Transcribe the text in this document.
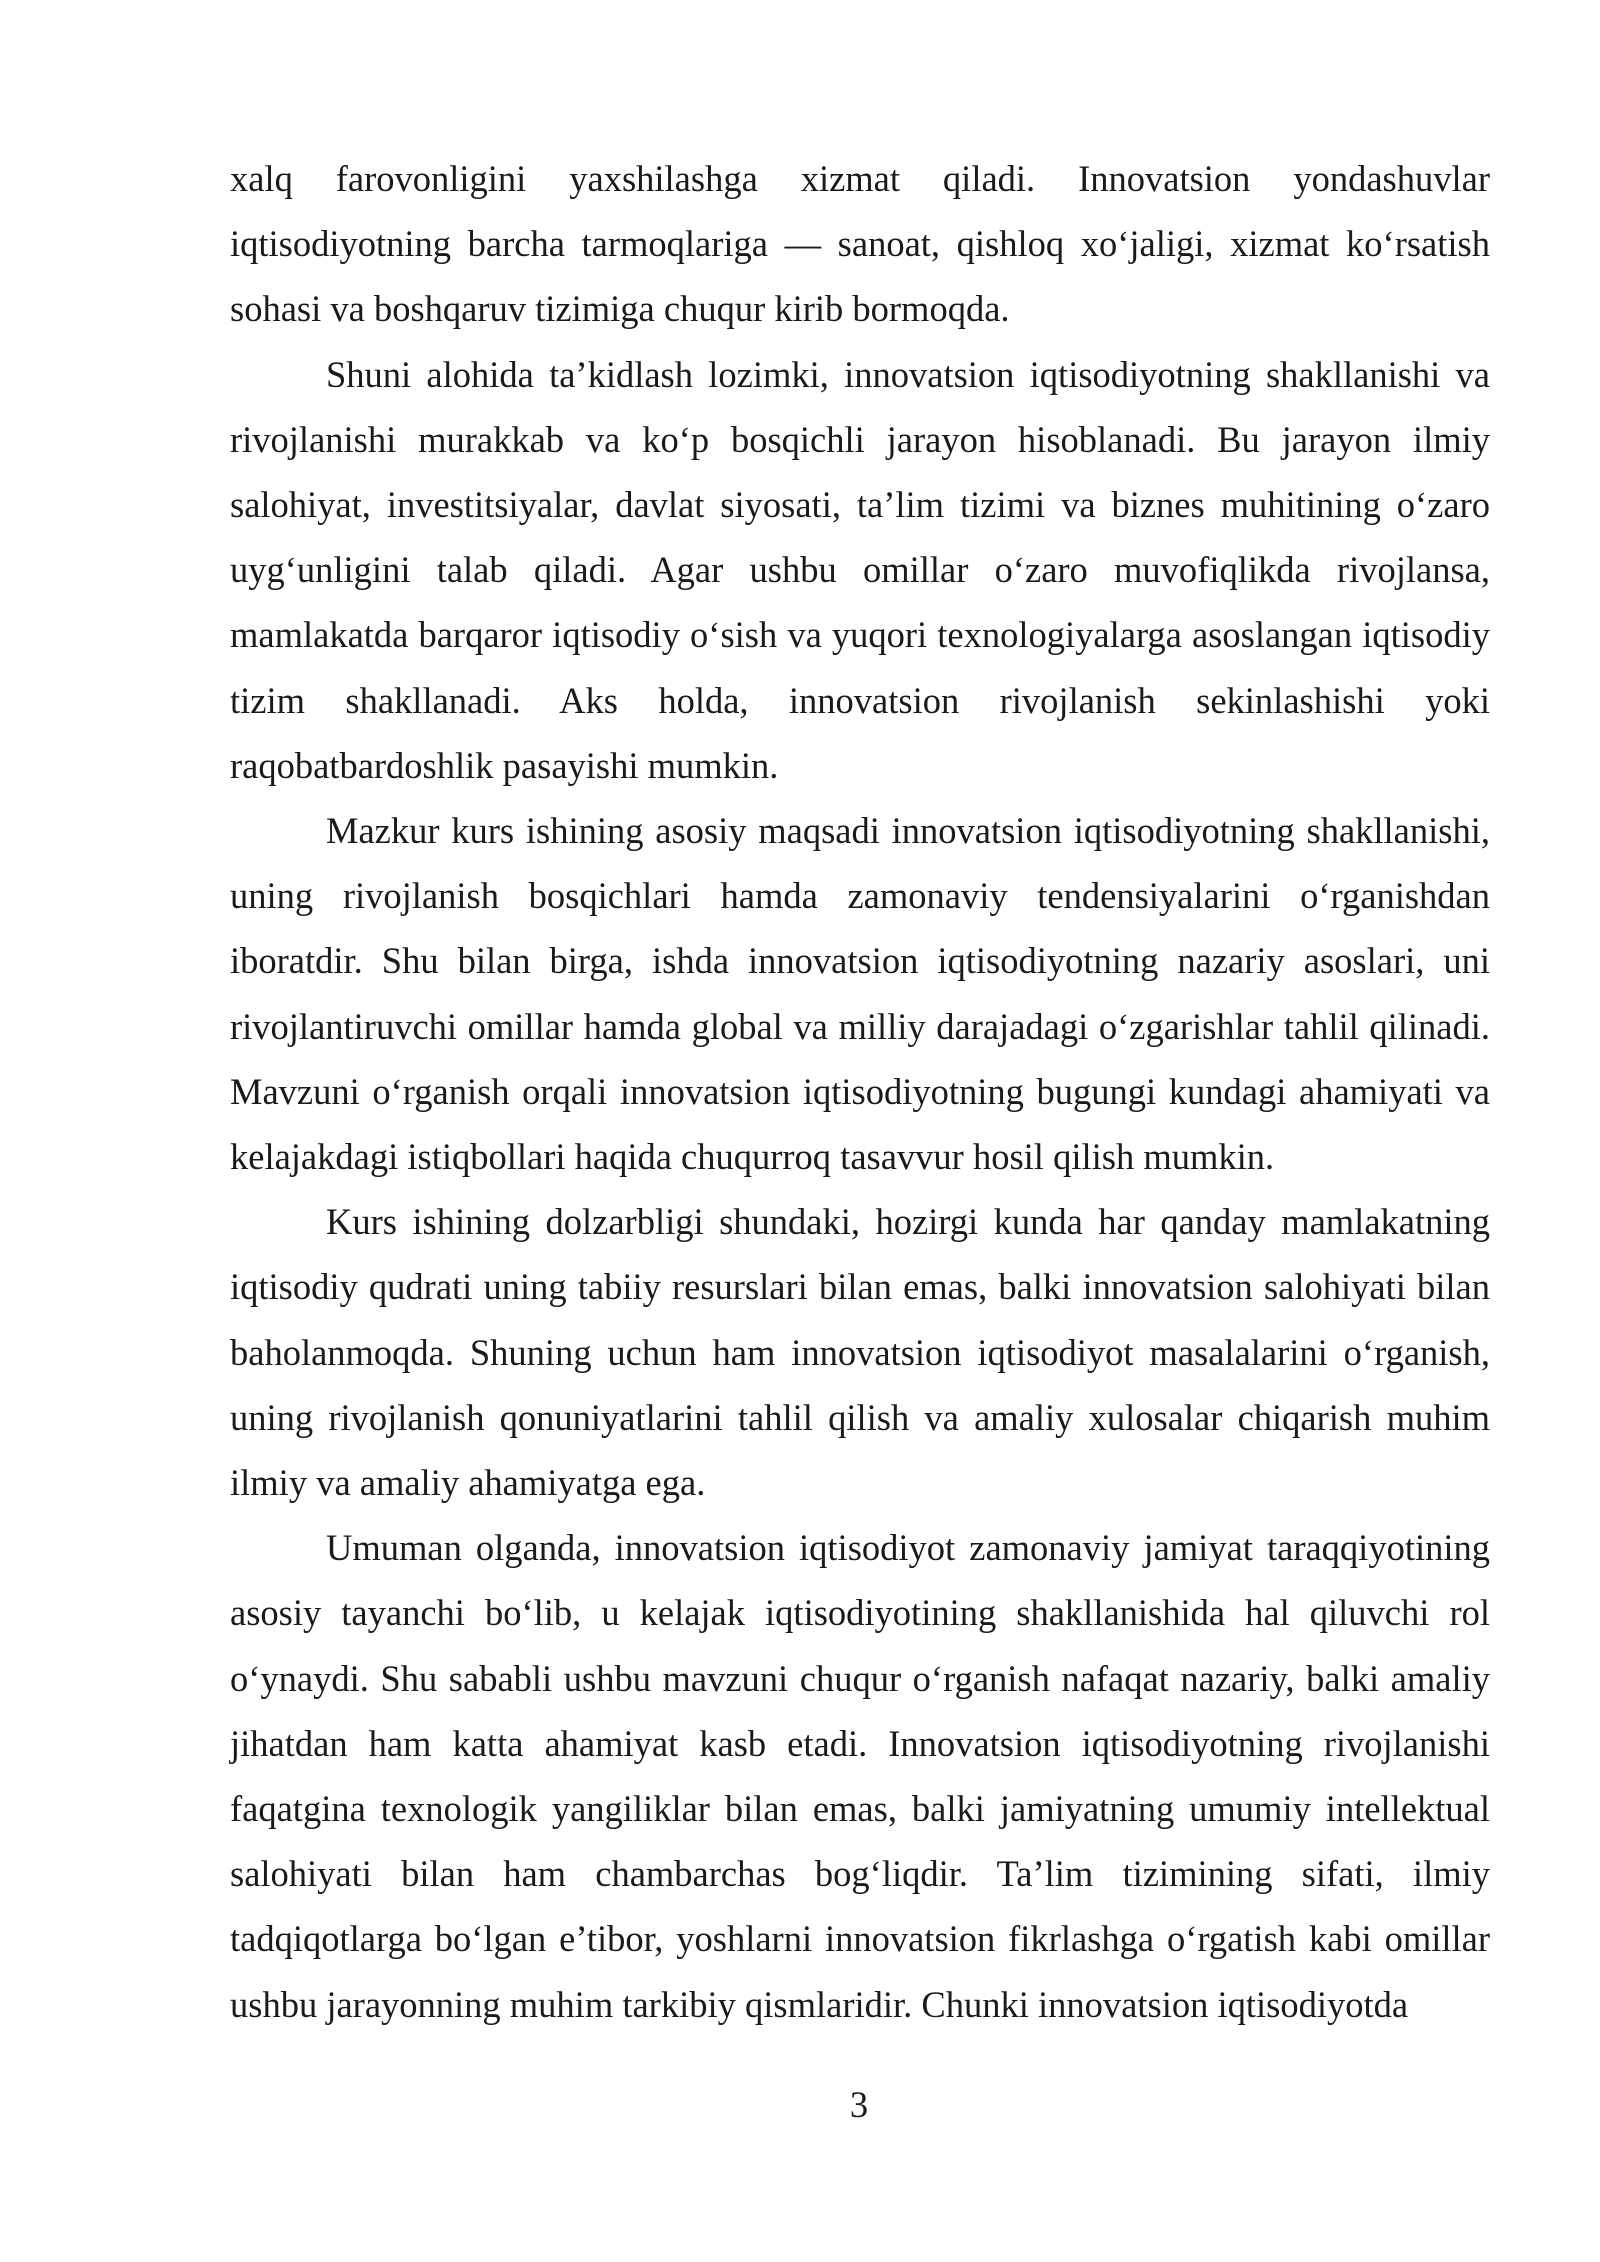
xalq farovonligini yaxshilashga xizmat qiladi. Innovatsion yondashuvlar iqtisodiyotning barcha tarmoqlariga — sanoat, qishloq xo‘jaligi, xizmat ko‘rsatish sohasi va boshqaruv tizimiga chuqur kirib bormoqda.

Shuni alohida ta’kidlash lozimki, innovatsion iqtisodiyotning shakllanishi va rivojlanishi murakkab va ko‘p bosqichli jarayon hisoblanadi. Bu jarayon ilmiy salohiyat, investitsiyalar, davlat siyosati, ta’lim tizimi va biznes muhitining o‘zaro uyg‘unligini talab qiladi. Agar ushbu omillar o‘zaro muvofiqlikda rivojlansa, mamlakatda barqaror iqtisodiy o‘sish va yuqori texnologiyalarga asoslangan iqtisodiy tizim shakllanadi. Aks holda, innovatsion rivojlanish sekinlashishi yoki raqobatbardoshlik pasayishi mumkin.

Mazkur kurs ishining asosiy maqsadi innovatsion iqtisodiyotning shakllanishi, uning rivojlanish bosqichlari hamda zamonaviy tendensiyalarini o‘rganishdan iboratdir. Shu bilan birga, ishda innovatsion iqtisodiyotning nazariy asoslari, uni rivojlantiruvchi omillar hamda global va milliy darajadagi o‘zgarishlar tahlil qilinadi. Mavzuni o‘rganish orqali innovatsion iqtisodiyotning bugungi kundagi ahamiyati va kelajakdagi istiqbollari haqida chuqurroq tasavvur hosil qilish mumkin.

Kurs ishining dolzarbligi shundaki, hozirgi kunda har qanday mamlakatning iqtisodiy qudrati uning tabiiy resurslari bilan emas, balki innovatsion salohiyati bilan baholanmoqda. Shuning uchun ham innovatsion iqtisodiyot masalalarini o‘rganish, uning rivojlanish qonuniyatlarini tahlil qilish va amaliy xulosalar chiqarish muhim ilmiy va amaliy ahamiyatga ega.

Umuman olganda, innovatsion iqtisodiyot zamonaviy jamiyat taraqqiyotining asosiy tayanchi bo‘lib, u kelajak iqtisodiyotining shakllanishida hal qiluvchi rol o‘ynaydi. Shu sababli ushbu mavzuni chuqur o‘rganish nafaqat nazariy, balki amaliy jihatdan ham katta ahamiyat kasb etadi. Innovatsion iqtisodiyotning rivojlanishi faqatgina texnologik yangiliklar bilan emas, balki jamiyatning umumiy intellektual salohiyati bilan ham chambarchas bog‘liqdir. Ta’lim tizimining sifati, ilmiy tadqiqotlarga bo‘lgan e’tibor, yoshlarni innovatsion fikrlashga o‘rgatish kabi omillar ushbu jarayonning muhim tarkibiy qismlaridir. Chunki innovatsion iqtisodiyotda

3
